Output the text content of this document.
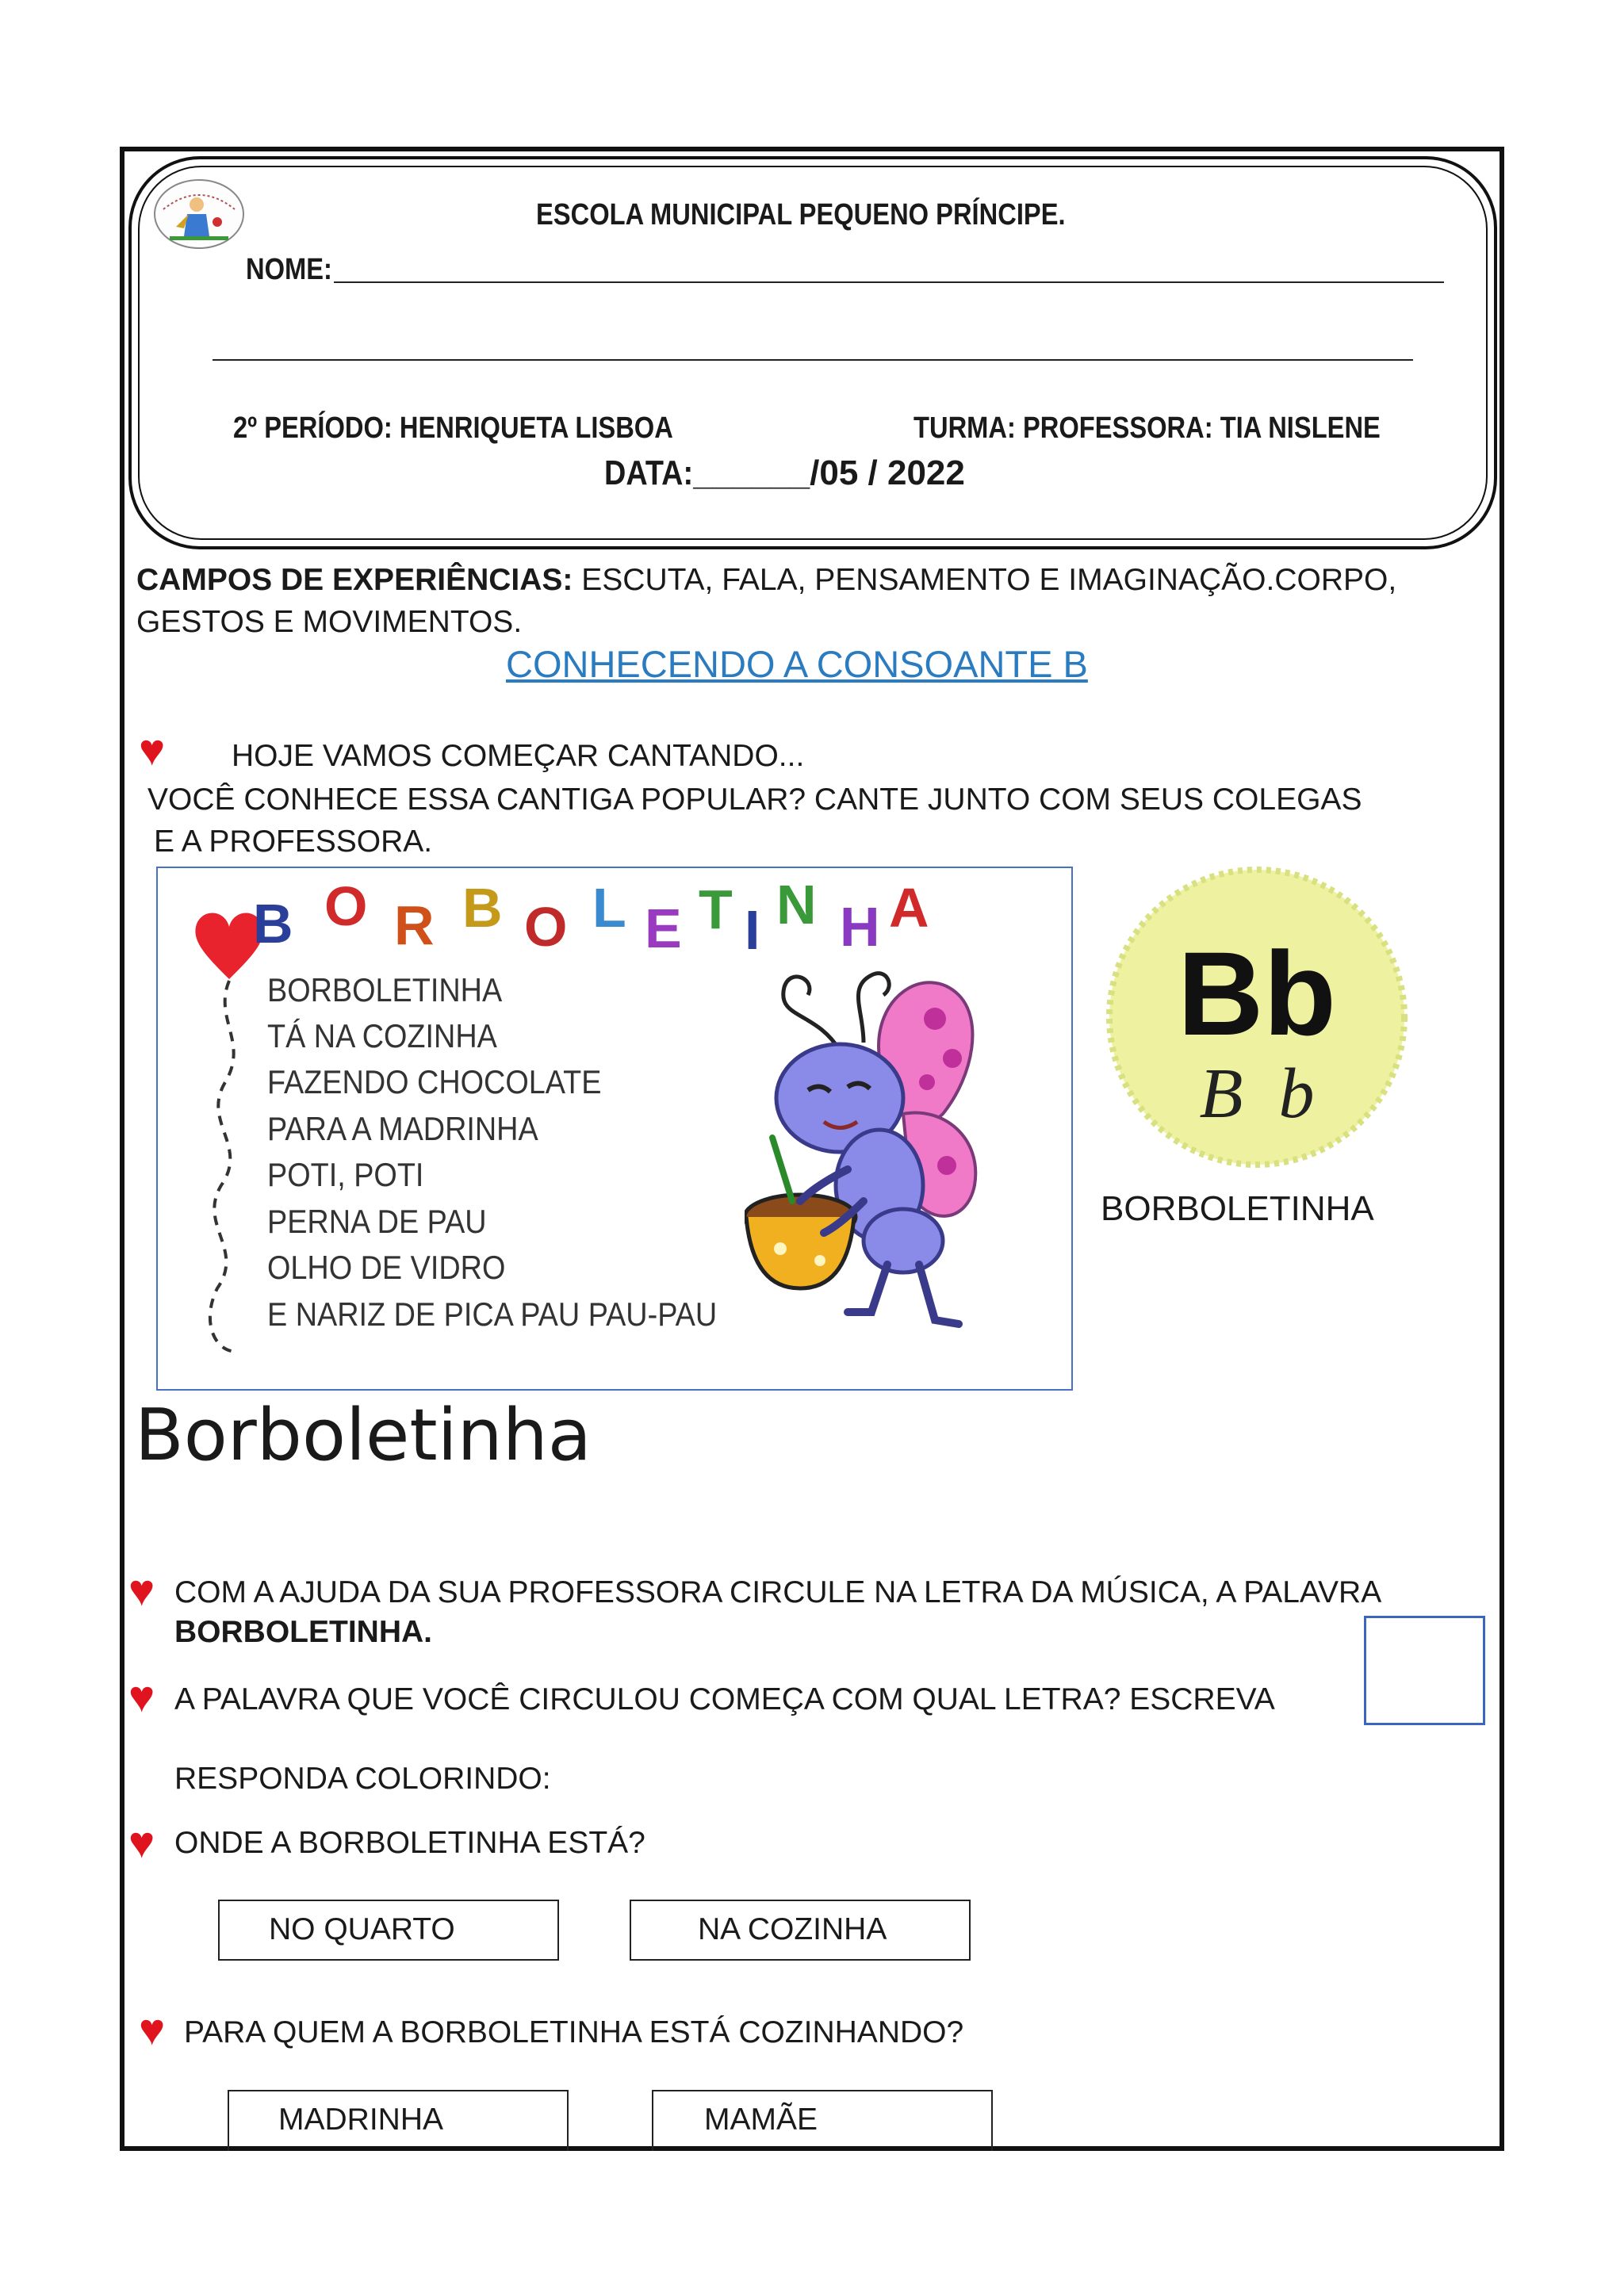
ESCOLA MUNICIPAL PEQUENO PRÍNCIPE.
NOME:
2º PERÍODO: HENRIQUETA LISBOA	TURMA: PROFESSORA: TIA NISLENE
DATA:______/05 / 2022
CAMPOS DE EXPERIÊNCIAS: ESCUTA, FALA, PENSAMENTO E IMAGINAÇÃO.CORPO,
GESTOS E MOVIMENTOS.
CONHECENDO A CONSOANTE B
♥ HOJE VAMOS COMEÇAR CANTANDO...
VOCÊ CONHECE ESSA CANTIGA POPULAR? CANTE JUNTO COM SEUS COLEGAS
E A PROFESSORA.
B O R B O L E T I N H A
BORBOLETINHA
TÁ NA COZINHA
FAZENDO CHOCOLATE
PARA A MADRINHA
POTI, POTI
PERNA DE PAU
OLHO DE VIDRO
E NARIZ DE PICA PAU PAU-PAU
Bb
B  b
BORBOLETINHA
Borboletinha
♥ COM A AJUDA DA SUA PROFESSORA CIRCULE NA LETRA DA MÚSICA, A PALAVRA
BORBOLETINHA.
♥ A PALAVRA QUE VOCÊ CIRCULOU COMEÇA COM QUAL LETRA? ESCREVA
RESPONDA COLORINDO:
♥ ONDE A BORBOLETINHA ESTÁ?
NO QUARTO	NA COZINHA
♥ PARA QUEM A BORBOLETINHA ESTÁ COZINHANDO?
MADRINHA	MAMÃE
